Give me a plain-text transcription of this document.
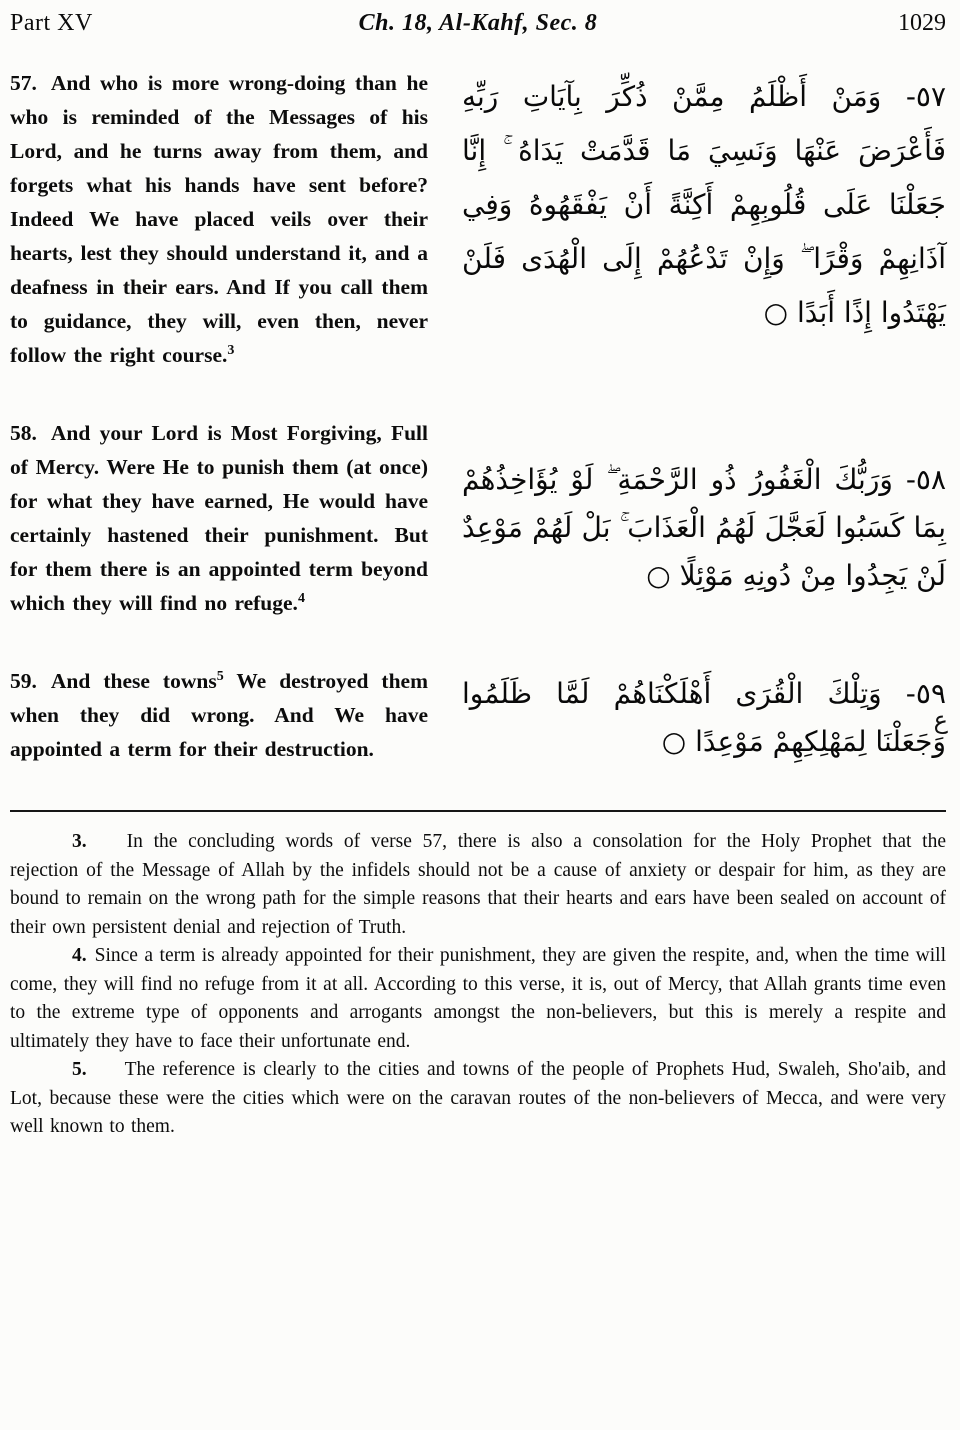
Part XV	Ch. 18, Al-Kahf, Sec. 8	1029
57. And who is more wrong-doing than he who is reminded of the Messages of his Lord, and he turns away from them, and forgets what his hands have sent before? Indeed We have placed veils over their hearts, lest they should understand it, and a deafness in their ears. And If you call them to guidance, they will, even then, never follow the right course.$^3$
٥٧- وَمَنْ أَظْلَمُ مِمَّنْ ذُكِّرَ بِآيَاتِ رَبِّهِ فَأَعْرَضَ عَنْهَا وَنَسِيَ مَا قَدَّمَتْ يَدَاهُ ۚ إِنَّا جَعَلْنَا عَلَى قُلُوبِهِمْ أَكِنَّةً أَنْ يَفْقَهُوهُ وَفِي آذَانِهِمْ وَقْرًا ۖ وَإِنْ تَدْعُهُمْ إِلَى الْهُدَى فَلَنْ يَهْتَدُوا إِذًا أَبَدًا ○
58. And your Lord is Most Forgiving, Full of Mercy. Were He to punish them (at once) for what they have earned, He would have certainly hastened their punishment. But for them there is an appointed term beyond which they will find no refuge.$^4$
٥٨- وَرَبُّكَ الْغَفُورُ ذُو الرَّحْمَةِ ۖ لَوْ يُؤَاخِذُهُمْ بِمَا كَسَبُوا لَعَجَّلَ لَهُمُ الْعَذَابَ ۚ بَلْ لَهُمْ مَوْعِدٌ لَنْ يَجِدُوا مِنْ دُونِهِ مَوْئِلًا ○
59. And these towns$^5$ We destroyed them when they did wrong. And We have appointed a term for their destruction.
٥٩- وَتِلْكَ الْقُرَى أَهْلَكْنَاهُمْ لَمَّا ظَلَمُوا وَجَعَلْنَا لِمَهْلِكِهِمْ مَوْعِدًا ○
ع

3. In the concluding words of verse 57, there is also a consolation for the Holy Prophet that the rejection of the Message of Allah by the infidels should not be a cause of anxiety or despair for him, as they are bound to remain on the wrong path for the simple reasons that their hearts and ears have been sealed on account of their own persistent denial and rejection of Truth.

4. Since a term is already appointed for their punishment, they are given the respite, and, when the time will come, they will find no refuge from it at all. According to this verse, it is, out of Mercy, that Allah grants time even to the extreme type of opponents and arrogants amongst the non-believers, but this is merely a respite and ultimately they have to face their unfortunate end.

5. The reference is clearly to the cities and towns of the people of Prophets Hud, Swaleh, Sho'aib, and Lot, because these were the cities which were on the caravan routes of the non-believers of Mecca, and were very well known to them.
